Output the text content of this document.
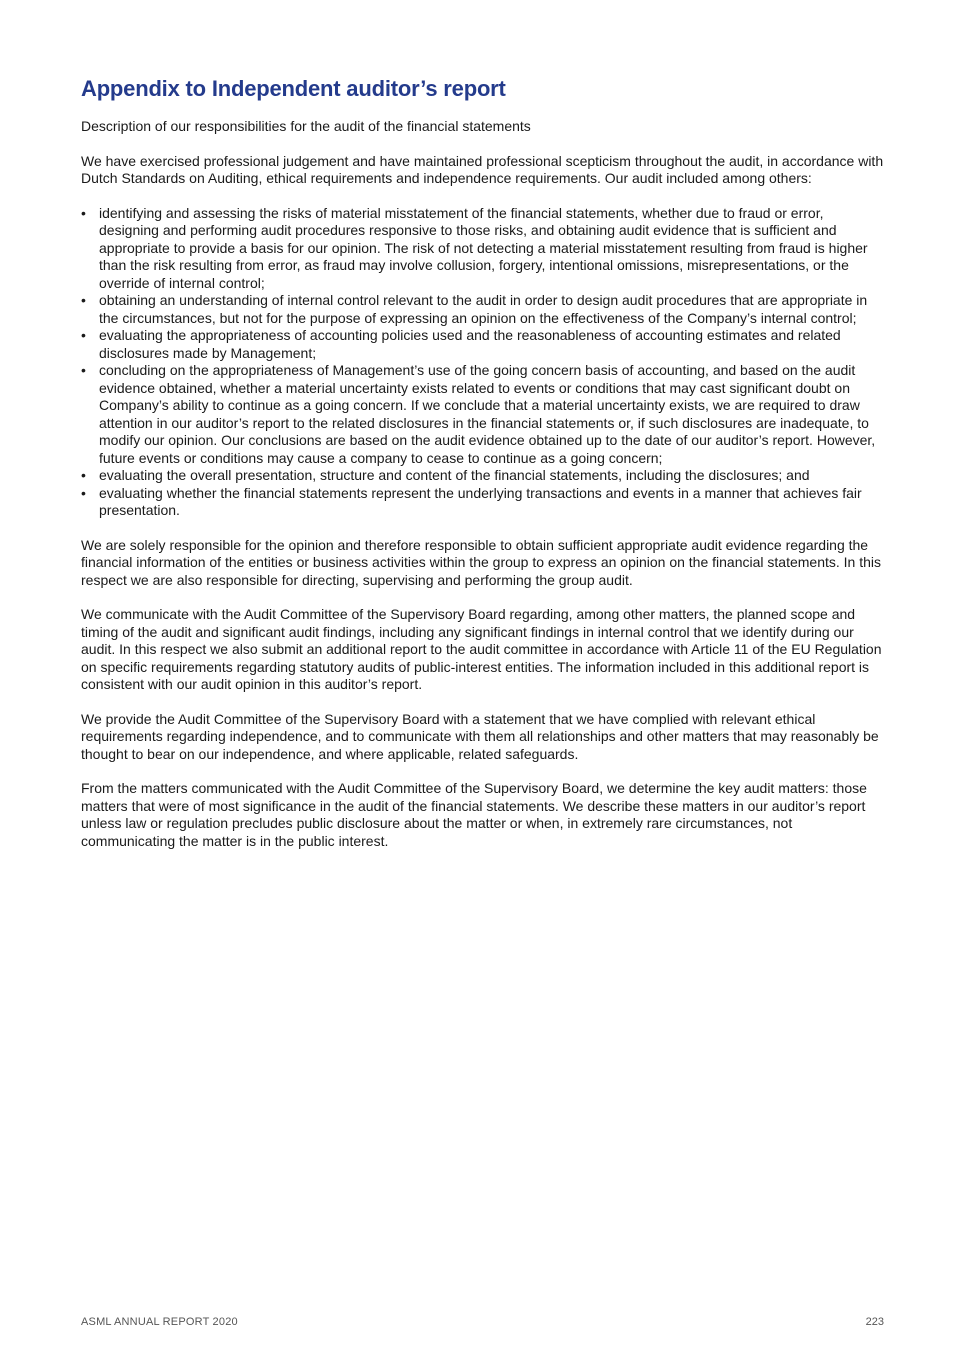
Appendix to Independent auditor’s report

Description of our responsibilities for the audit of the financial statements

We have exercised professional judgement and have maintained professional scepticism throughout the audit, in accordance with Dutch Standards on Auditing, ethical requirements and independence requirements. Our audit included among others:

• identifying and assessing the risks of material misstatement of the financial statements, whether due to fraud or error, designing and performing audit procedures responsive to those risks, and obtaining audit evidence that is sufficient and appropriate to provide a basis for our opinion. The risk of not detecting a material misstatement resulting from fraud is higher than the risk resulting from error, as fraud may involve collusion, forgery, intentional omissions, misrepresentations, or the override of internal control;
• obtaining an understanding of internal control relevant to the audit in order to design audit procedures that are appropriate in the circumstances, but not for the purpose of expressing an opinion on the effectiveness of the Company’s internal control;
• evaluating the appropriateness of accounting policies used and the reasonableness of accounting estimates and related disclosures made by Management;
• concluding on the appropriateness of Management’s use of the going concern basis of accounting, and based on the audit evidence obtained, whether a material uncertainty exists related to events or conditions that may cast significant doubt on Company’s ability to continue as a going concern. If we conclude that a material uncertainty exists, we are required to draw attention in our auditor’s report to the related disclosures in the financial statements or, if such disclosures are inadequate, to modify our opinion. Our conclusions are based on the audit evidence obtained up to the date of our auditor’s report. However, future events or conditions may cause a company to cease to continue as a going concern;
• evaluating the overall presentation, structure and content of the financial statements, including the disclosures; and
• evaluating whether the financial statements represent the underlying transactions and events in a manner that achieves fair presentation.

We are solely responsible for the opinion and therefore responsible to obtain sufficient appropriate audit evidence regarding the financial information of the entities or business activities within the group to express an opinion on the financial statements. In this respect we are also responsible for directing, supervising and performing the group audit.

We communicate with the Audit Committee of the Supervisory Board regarding, among other matters, the planned scope and timing of the audit and significant audit findings, including any significant findings in internal control that we identify during our audit. In this respect we also submit an additional report to the audit committee in accordance with Article 11 of the EU Regulation on specific requirements regarding statutory audits of public-interest entities. The information included in this additional report is consistent with our audit opinion in this auditor’s report.

We provide the Audit Committee of the Supervisory Board with a statement that we have complied with relevant ethical requirements regarding independence, and to communicate with them all relationships and other matters that may reasonably be thought to bear on our independence, and where applicable, related safeguards.

From the matters communicated with the Audit Committee of the Supervisory Board, we determine the key audit matters: those matters that were of most significance in the audit of the financial statements. We describe these matters in our auditor’s report unless law or regulation precludes public disclosure about the matter or when, in extremely rare circumstances, not communicating the matter is in the public interest.

ASML ANNUAL REPORT 2020	223
